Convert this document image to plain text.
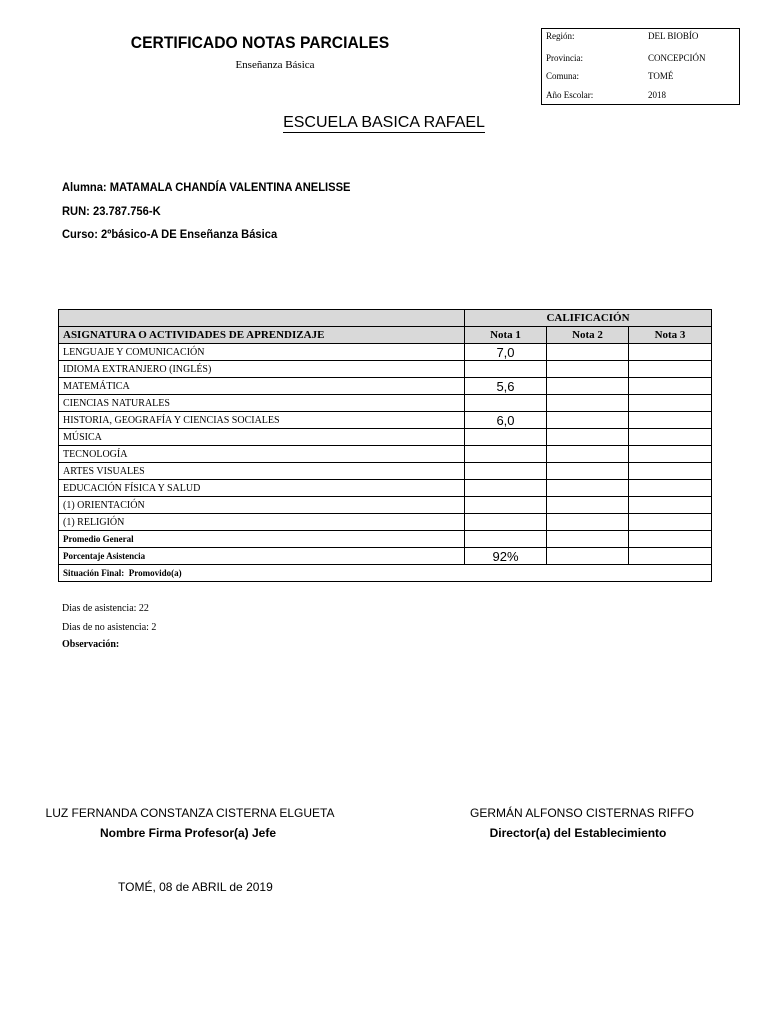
CERTIFICADO NOTAS PARCIALES
Enseñanza Básica
Región:	DEL BIOBÍO
Provincia:	CONCEPCIÓN
Comuna:	TOMÉ
Año Escolar:	2018
ESCUELA BASICA RAFAEL
Alumna: MATAMALA CHANDÍA VALENTINA ANELISSE
RUN: 23.787.756-K
Curso: 2ºbásico-A DE Enseñanza Básica
	CALIFICACIÓN		
ASIGNATURA O ACTIVIDADES DE APRENDIZAJE	Nota 1	Nota 2	Nota 3
LENGUAJE Y COMUNICACIÓN	7,0		
IDIOMA EXTRANJERO (INGLÉS)			
MATEMÁTICA	5,6		
CIENCIAS NATURALES			
HISTORIA, GEOGRAFÍA Y CIENCIAS SOCIALES	6,0		
MÚSICA			
TECNOLOGÍA			
ARTES VISUALES			
EDUCACIÓN FÍSICA Y SALUD			
(1) ORIENTACIÓN			
(1) RELIGIÓN			
Promedio General			
Porcentaje Asistencia	92%		
Situación Final: Promovido(a)			
Dias de asistencia: 22
Dias de no asistencia: 2
Observación:
LUZ FERNANDA CONSTANZA CISTERNA ELGUETA
Nombre Firma Profesor(a) Jefe
GERMÁN ALFONSO CISTERNAS RIFFO
Director(a) del Establecimiento
TOMÉ, 08 de ABRIL de 2019
